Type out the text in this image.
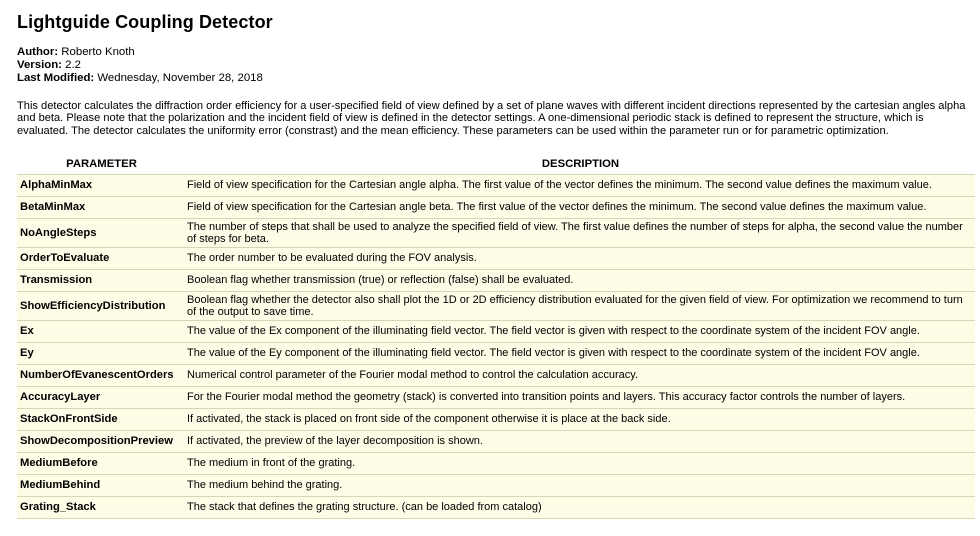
Lightguide Coupling Detector
Author: Roberto Knoth
Version: 2.2
Last Modified: Wednesday, November 28, 2018
This detector calculates the diffraction order efficiency for a user-specified field of view defined by a set of plane waves with different incident directions represented by the cartesian angles alpha and beta. Please note that the polarization and the incident field of view is defined in the detector settings. A one-dimensional periodic stack is defined to represent the structure, which is evaluated. The detector calculates the uniformity error (constrast) and the mean efficiency. These parameters can be used within the parameter run or for parametric optimization.
PARAMETER	DESCRIPTION
AlphaMinMax	Field of view specification for the Cartesian angle alpha. The first value of the vector defines the minimum. The second value defines the maximum value.
BetaMinMax	Field of view specification for the Cartesian angle beta. The first value of the vector defines the minimum. The second value defines the maximum value.
NoAngleSteps	The number of steps that shall be used to analyze the specified field of view. The first value defines the number of steps for alpha, the second value the number of steps for beta.
OrderToEvaluate	The order number to be evaluated during the FOV analysis.
Transmission	Boolean flag whether transmission (true) or reflection (false) shall be evaluated.
ShowEfficiencyDistribution	Boolean flag whether the detector also shall plot the 1D or 2D efficiency distribution evaluated for the given field of view. For optimization we recommend to turn of the output to save time.
Ex	The value of the Ex component of the illuminating field vector. The field vector is given with respect to the coordinate system of the incident FOV angle.
Ey	The value of the Ey component of the illuminating field vector. The field vector is given with respect to the coordinate system of the incident FOV angle.
NumberOfEvanescentOrders	Numerical control parameter of the Fourier modal method to control the calculation accuracy.
AccuracyLayer	For the Fourier modal method the geometry (stack) is converted into transition points and layers. This accuracy factor controls the number of layers.
StackOnFrontSide	If activated, the stack is placed on front side of the component otherwise it is place at the back side.
ShowDecompositionPreview	If activated, the preview of the layer decomposition is shown.
MediumBefore	The medium in front of the grating.
MediumBehind	The medium behind the grating.
Grating_Stack	The stack that defines the grating structure. (can be loaded from catalog)
